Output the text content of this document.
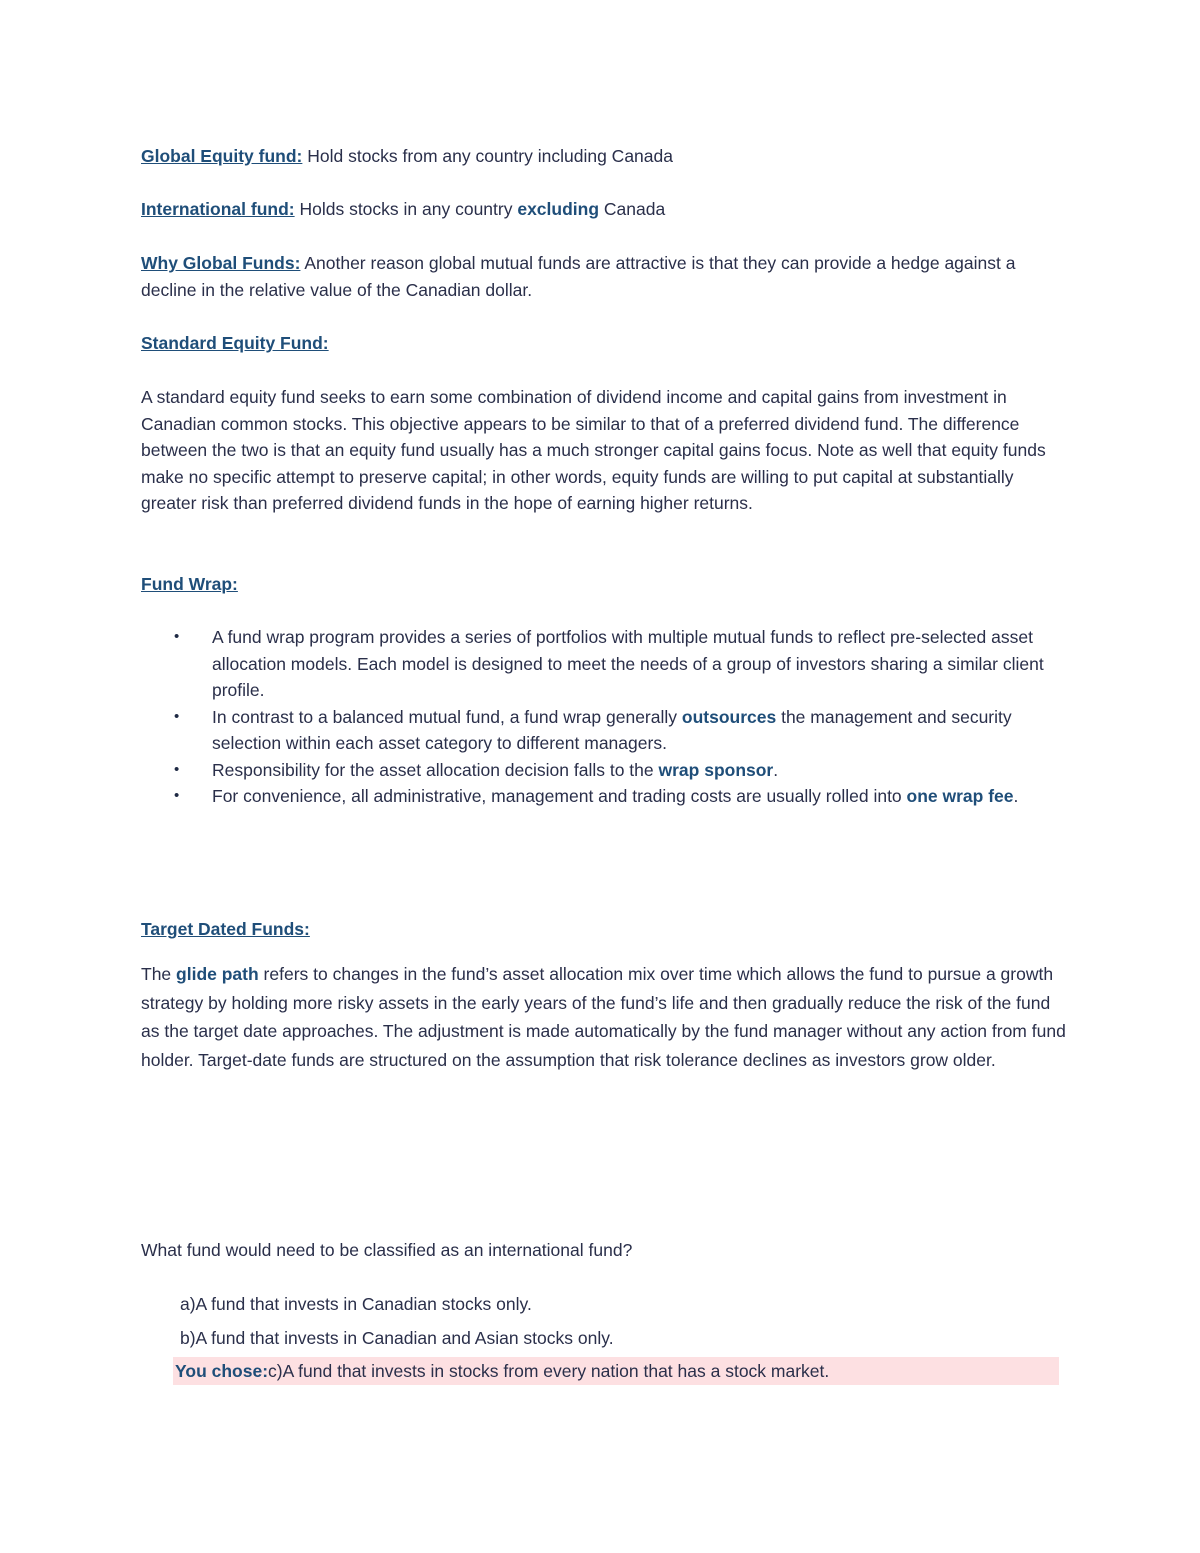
Global Equity fund: Hold stocks from any country including Canada

International fund: Holds stocks in any country excluding Canada

Why Global Funds: Another reason global mutual funds are attractive is that they can provide a hedge against a decline in the relative value of the Canadian dollar.

Standard Equity Fund:

A standard equity fund seeks to earn some combination of dividend income and capital gains from investment in Canadian common stocks. This objective appears to be similar to that of a preferred dividend fund. The difference between the two is that an equity fund usually has a much stronger capital gains focus. Note as well that equity funds make no specific attempt to preserve capital; in other words, equity funds are willing to put capital at substantially greater risk than preferred dividend funds in the hope of earning higher returns.

Fund Wrap:

• A fund wrap program provides a series of portfolios with multiple mutual funds to reflect pre-selected asset allocation models. Each model is designed to meet the needs of a group of investors sharing a similar client profile.
• In contrast to a balanced mutual fund, a fund wrap generally outsources the management and security selection within each asset category to different managers.
• Responsibility for the asset allocation decision falls to the wrap sponsor.
• For convenience, all administrative, management and trading costs are usually rolled into one wrap fee.

Target Dated Funds:

The glide path refers to changes in the fund’s asset allocation mix over time which allows the fund to pursue a growth strategy by holding more risky assets in the early years of the fund’s life and then gradually reduce the risk of the fund as the target date approaches. The adjustment is made automatically by the fund manager without any action from fund holder. Target-date funds are structured on the assumption that risk tolerance declines as investors grow older.

What fund would need to be classified as an international fund?

a)A fund that invests in Canadian stocks only.
b)A fund that invests in Canadian and Asian stocks only.
You chose:c)A fund that invests in stocks from every nation that has a stock market.
